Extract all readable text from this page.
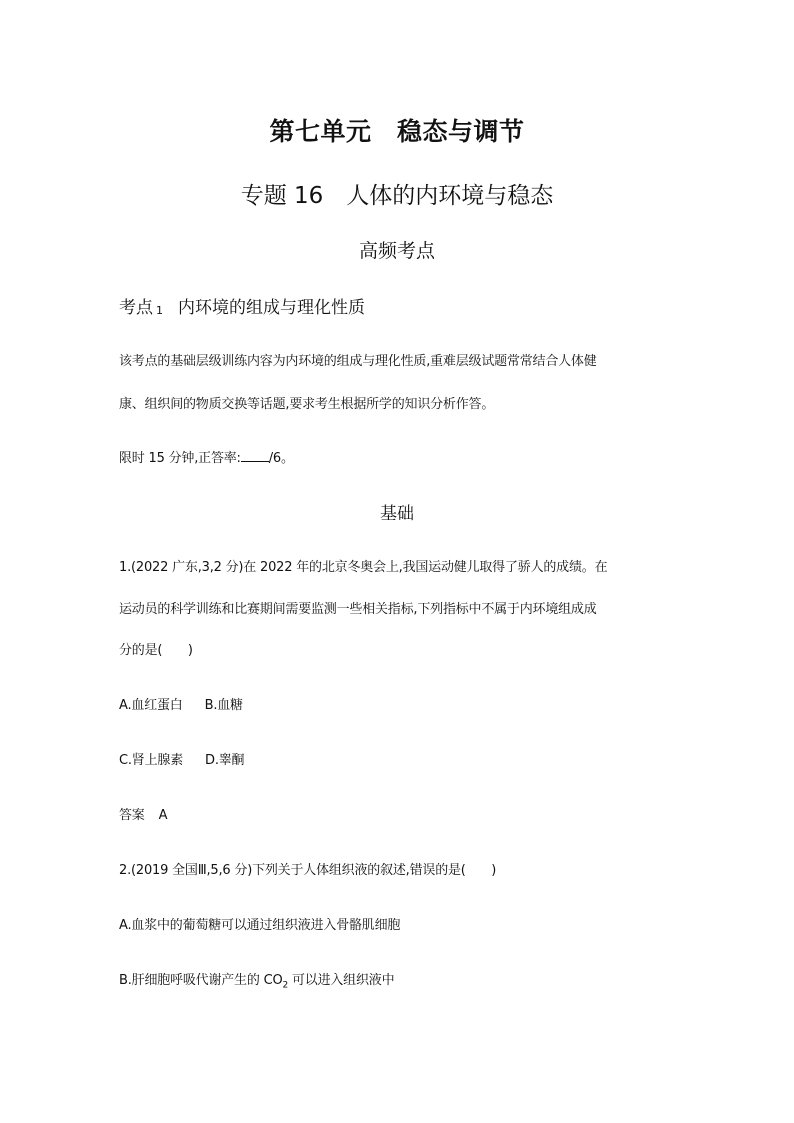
第七单元　稳态与调节
专题 16　人体的内环境与稳态
高频考点
考点 1 内环境的组成与理化性质
该考点的基础层级训练内容为内环境的组成与理化性质,重难层级试题常常结合人体健
康、组织间的物质交换等话题,要求考生根据所学的知识分析作答。
限时 15 分钟,正答率: /6。
基础
1.(2022 广东,3,2 分)在 2022 年的北京冬奥会上,我国运动健儿取得了骄人的成绩。在
运动员的科学训练和比赛期间需要监测一些相关指标,下列指标中不属于内环境组成成
分的是(　　)
A.血红蛋白 B.血糖
C.肾上腺素 D.睾酮
答案 A
2.(2019 全国Ⅲ,5,6 分)下列关于人体组织液的叙述,错误的是(　　)
A.血浆中的葡萄糖可以通过组织液进入骨骼肌细胞
B.肝细胞呼吸代谢产生的 $CO_2$ 可以进入组织液中
